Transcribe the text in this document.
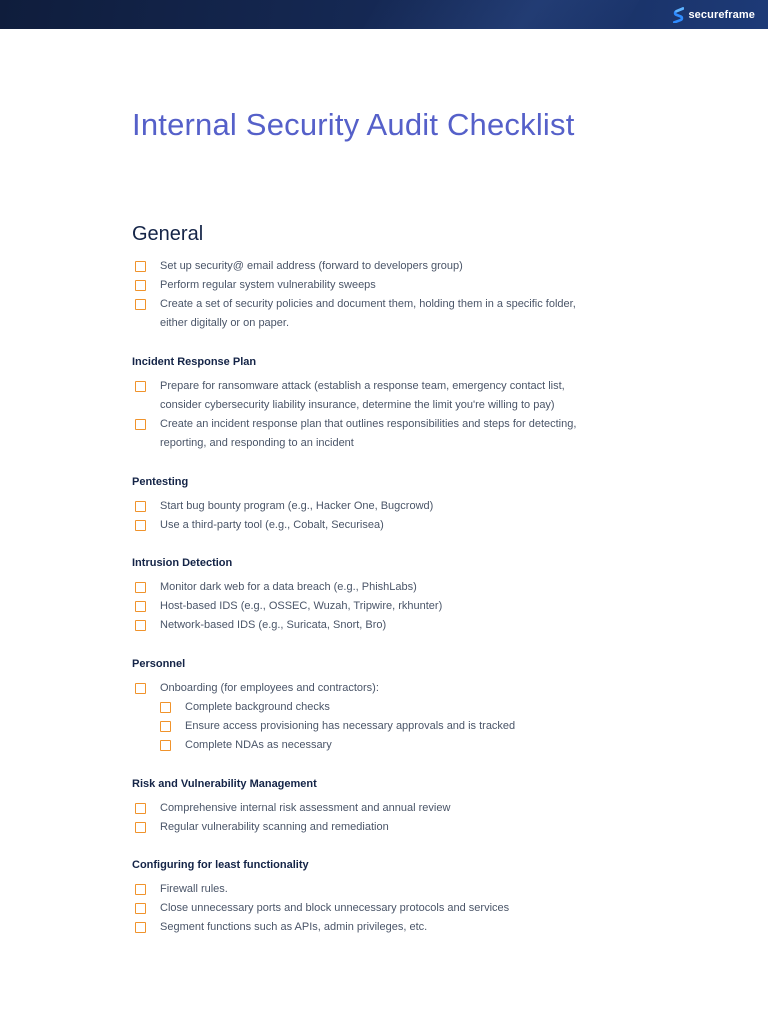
secureframe
Internal Security Audit Checklist
General
Set up security@ email address (forward to developers group)
Perform regular system vulnerability sweeps
Create a set of security policies and document them, holding them in a specific folder,
either digitally or on paper.
Incident Response Plan
Prepare for ransomware attack (establish a response team, emergency contact list,
consider cybersecurity liability insurance, determine the limit you're willing to pay)
Create an incident response plan that outlines responsibilities and steps for detecting,
reporting, and responding to an incident
Pentesting
Start bug bounty program (e.g., Hacker One, Bugcrowd)
Use a third-party tool (e.g., Cobalt, Securisea)
Intrusion Detection
Monitor dark web for a data breach (e.g., PhishLabs)
Host-based IDS (e.g., OSSEC, Wuzah, Tripwire, rkhunter)
Network-based IDS (e.g., Suricata, Snort, Bro)
Personnel
Onboarding (for employees and contractors):
Complete background checks
Ensure access provisioning has necessary approvals and is tracked
Complete NDAs as necessary
Risk and Vulnerability Management
Comprehensive internal risk assessment and annual review
Regular vulnerability scanning and remediation
Configuring for least functionality
Firewall rules.
Close unnecessary ports and block unnecessary protocols and services
Segment functions such as APIs, admin privileges, etc.
